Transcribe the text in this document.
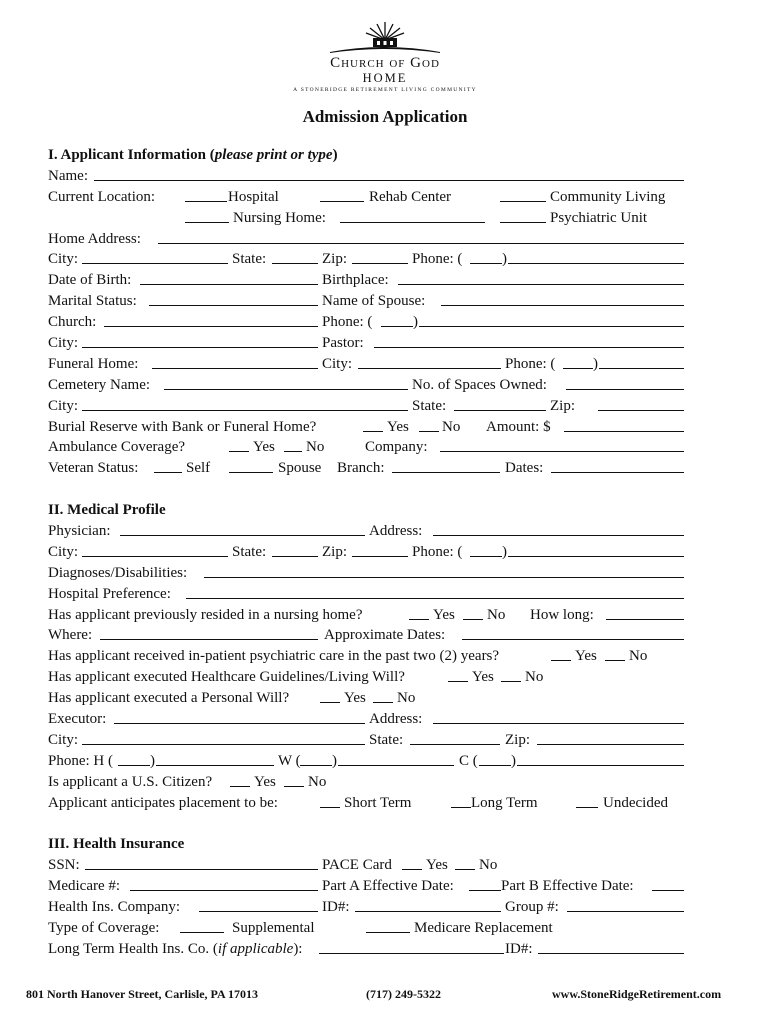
Church of God
HOME
A STONERIDGE RETIREMENT LIVING COMMUNITY
Admission Application
I. Applicant Information (please print or type)
Name:
Current Location:	Hospital	Rehab Center	Community Living
Nursing Home:	Psychiatric Unit
Home Address:
City:	State:	Zip:	Phone: (	)
Date of Birth:	Birthplace:
Marital Status:	Name of Spouse:
Church:	Phone: (	)
City:	Pastor:
Funeral Home:	City:	Phone: (	)
Cemetery Name:	No. of Spaces Owned:
City:	State:	Zip:
Burial Reserve with Bank or Funeral Home?	Yes No Amount: $
Ambulance Coverage?	Yes No	Company:
Veteran Status:	Self	Spouse Branch:	Dates:
II. Medical Profile
Physician:	Address:
City:	State:	Zip:	Phone: (	)
Diagnoses/Disabilities:
Hospital Preference:
Has applicant previously resided in a nursing home?	Yes No How long:
Where:	Approximate Dates:
Has applicant received in-patient psychiatric care in the past two (2) years?	Yes No
Has applicant executed Healthcare Guidelines/Living Will?	Yes No
Has applicant executed a Personal Will?	Yes No
Executor:	Address:
City:	State:	Zip:
Phone: H ( )	W ( )	C ( )
Is applicant a U.S. Citizen?	Yes No
Applicant anticipates placement to be:	Short Term	Long Term	Undecided
III. Health Insurance
SSN:	PACE Card Yes No
Medicare #:	Part A Effective Date:	Part B Effective Date:
Health Ins. Company:	ID#:	Group #:
Type of Coverage:	Supplemental	Medicare Replacement
Long Term Health Ins. Co. (if applicable):	ID#:
801 North Hanover Street, Carlisle, PA 17013	(717) 249-5322	www.StoneRidgeRetirement.com
